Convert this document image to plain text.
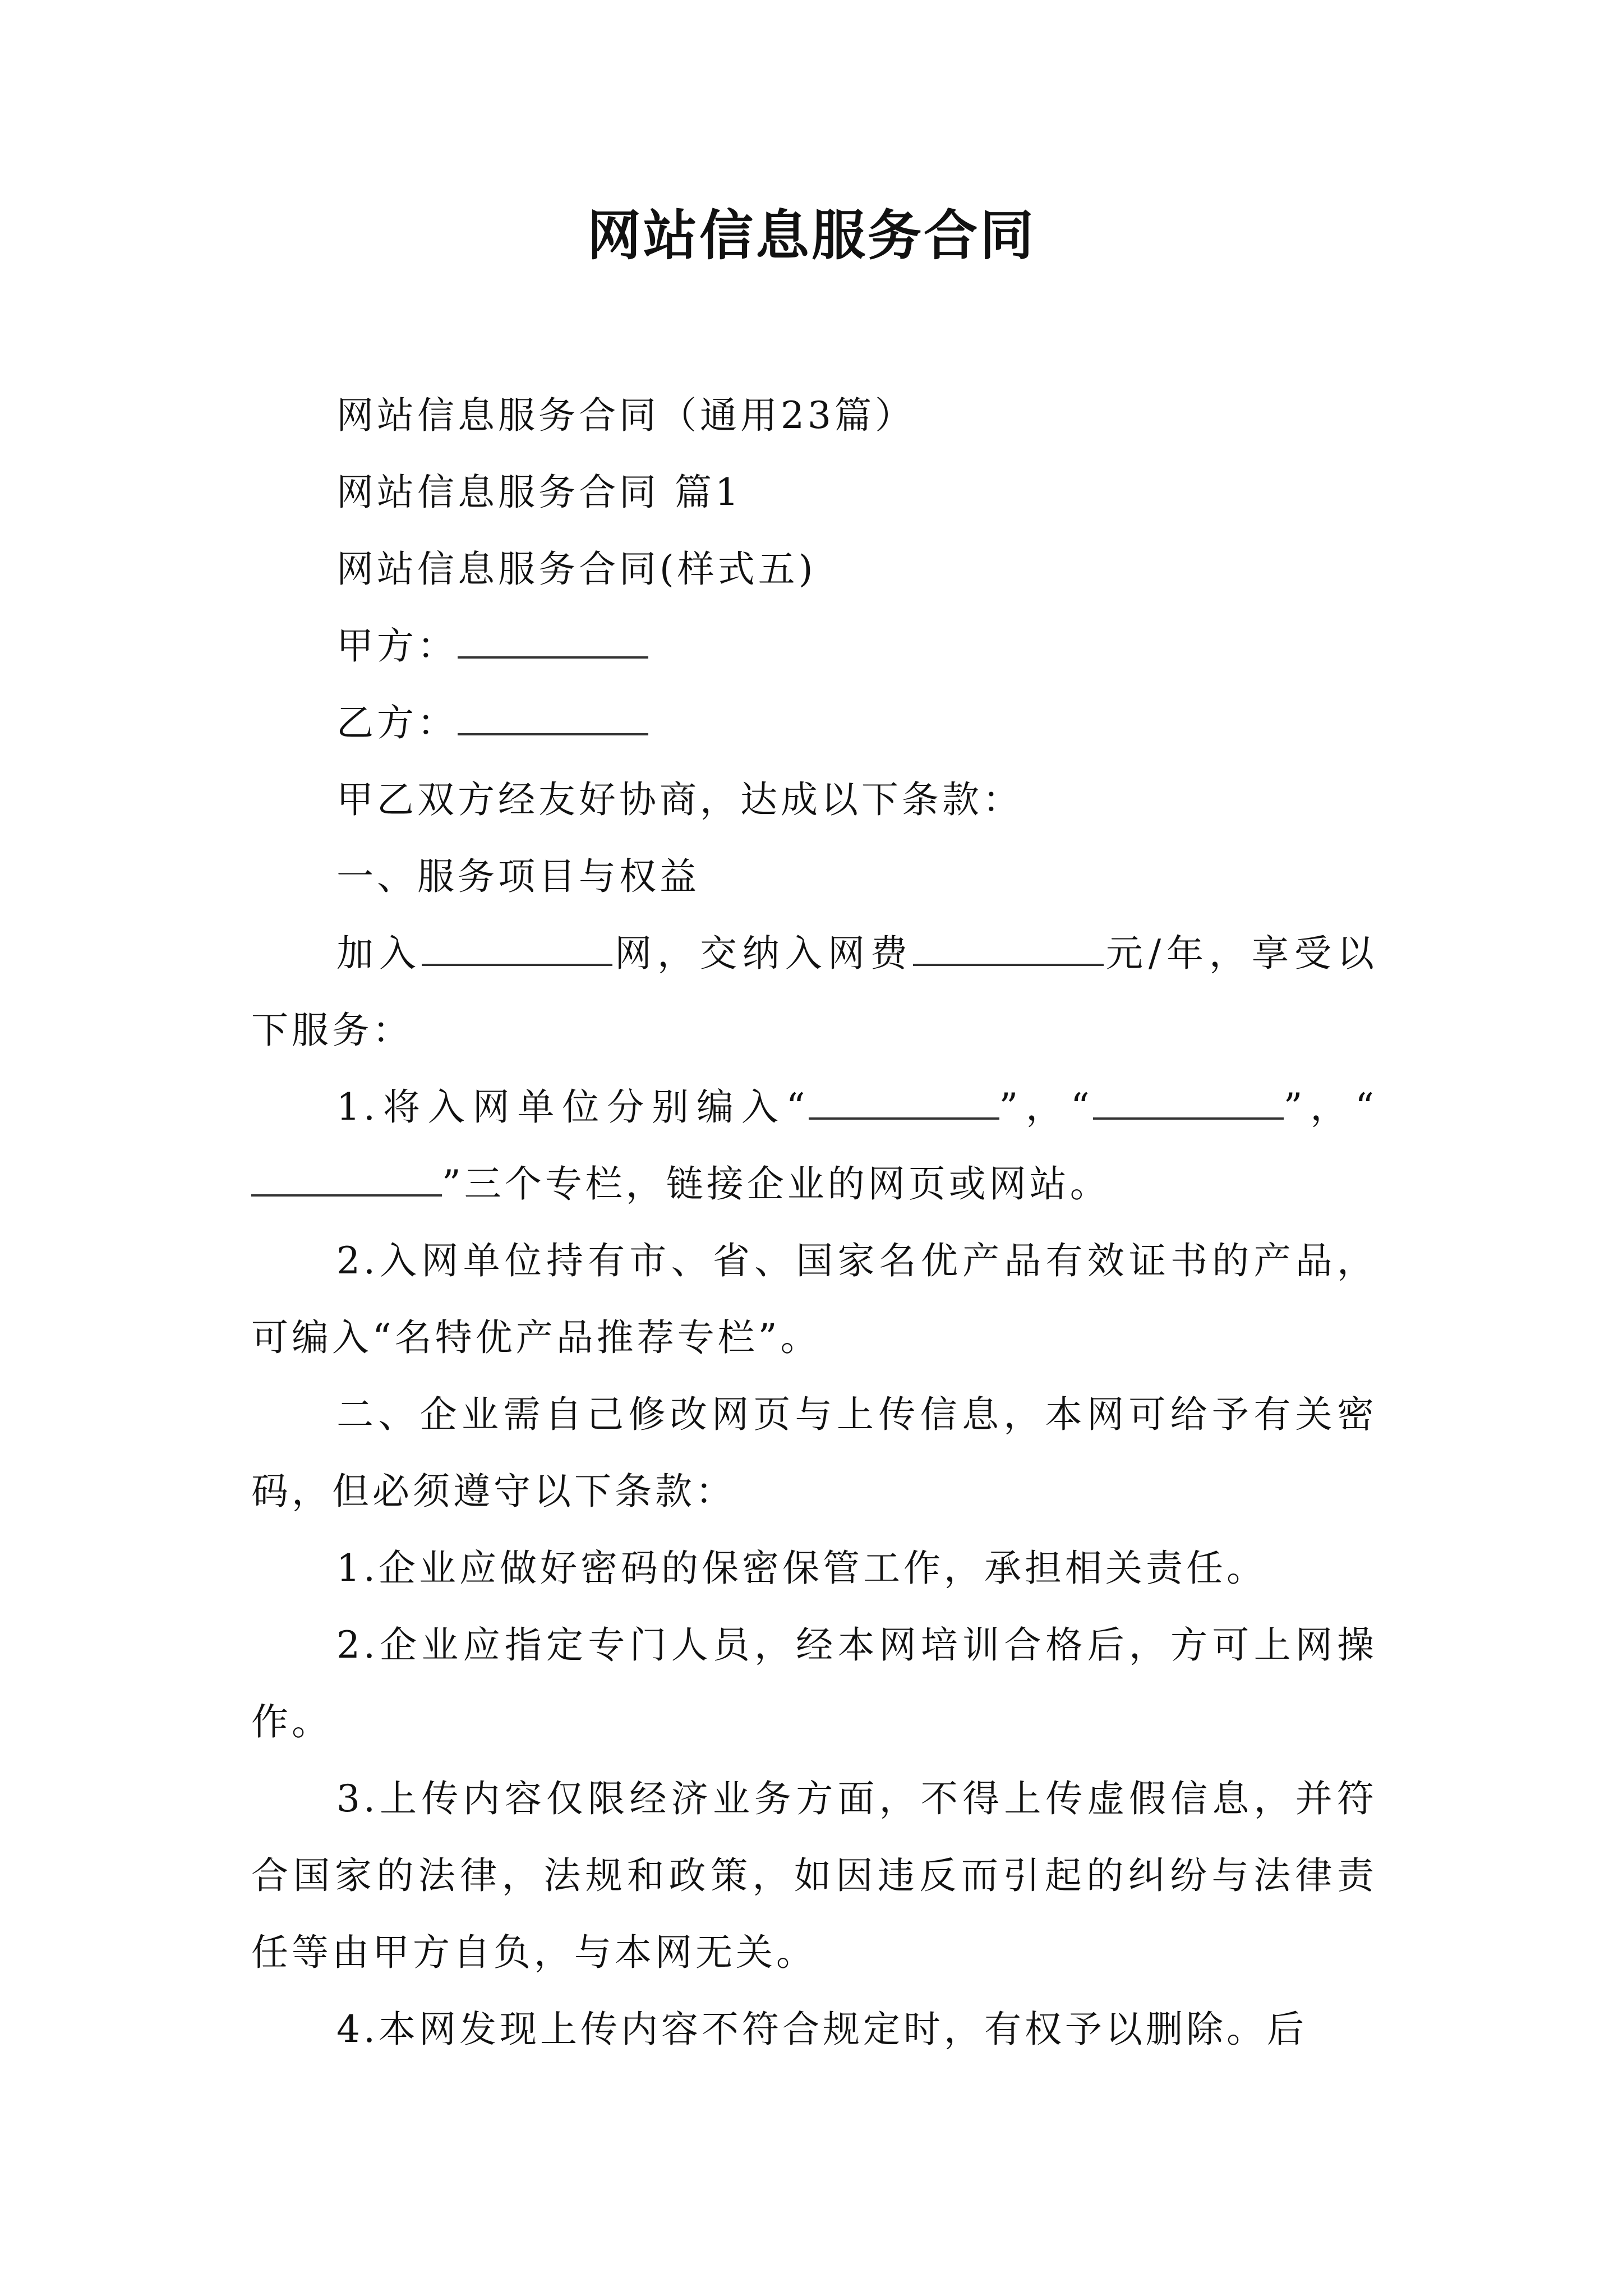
网站信息服务合同

网站信息服务合同（通用23篇）

网站信息服务合同 篇1

网站信息服务合同(样式五)

甲方：

乙方：

甲乙双方经友好协商，达成以下条款：

一、服务项目与权益

加入	网，交纳入网费	元/年，享受以下服务：

1.将入网单位分别编入“	”，“	”，“”三个专栏，链接企业的网页或网站。

2.入网单位持有市、省、国家名优产品有效证书的产品，可编入“名特优产品推荐专栏”。

二、企业需自己修改网页与上传信息，本网可给予有关密码，但必须遵守以下条款：

1.企业应做好密码的保密保管工作，承担相关责任。

2.企业应指定专门人员，经本网培训合格后，方可上网操作。

3.上传内容仅限经济业务方面，不得上传虚假信息，并符合国家的法律，法规和政策，如因违反而引起的纠纷与法律责任等由甲方自负，与本网无关。

4.本网发现上传内容不符合规定时，有权予以删除。后
